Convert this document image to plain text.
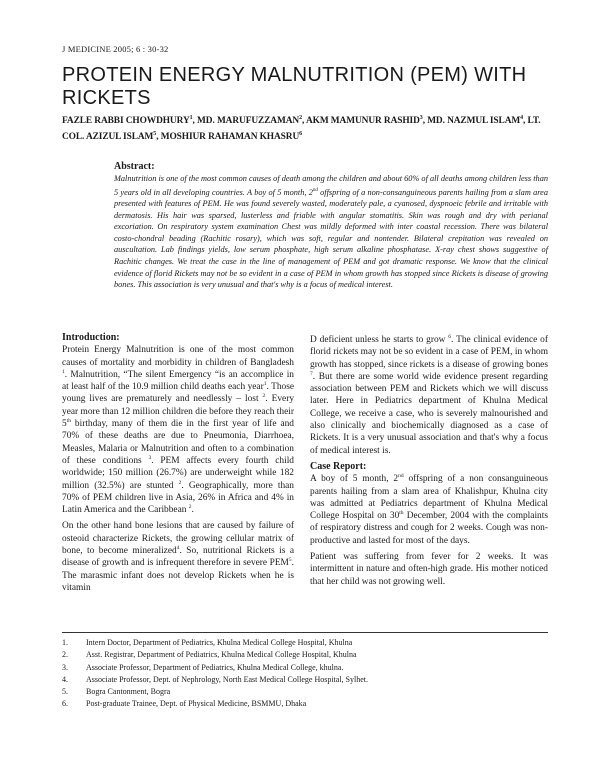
J MEDICINE 2005; 6 : 30-32
PROTEIN ENERGY MALNUTRITION (PEM) WITH RICKETS
FAZLE RABBI CHOWDHURY$^1$, MD. MARUFUZZAMAN$^2$, AKM MAMUNUR RASHID$^3$, MD. NAZMUL ISLAM$^4$, LT. COL. AZIZUL ISLAM$^5$, MOSHIUR RAHAMAN KHASRU$^6$
Abstract:

Malnutrition is one of the most common causes of death among the children and about 60% of all deaths among children less than 5 years old in all developing countries. A boy of 5 month, 2nd offspring of a non-consanguineous parents hailing from a slam area presented with features of PEM. He was found severely wasted, moderately pale, a cyanosed, dyspnoeic febrile and irritable with dermatosis. His hair was sparsed, lusterless and friable with angular stomatitis. Skin was rough and dry with perianal excoriation. On respiratory system examination Chest was mildly deformed with inter coastal recession. There was bilateral costo-chondral beading (Rachitic rosary), which was soft, regular and nontender. Bilateral crepitation was revealed on auscultation. Lab findings yields, low serum phosphate, high serum alkaline phosphatase. X-ray chest shows suggestive of Rachitic changes. We treat the case in the line of management of PEM and got dramatic response. We know that the clinical evidence of florid Rickets may not be so evident in a case of PEM in whom growth has stopped since Rickets is disease of growing bones. This association is very unusual and that's why is a focus of medical interest.

Introduction:

Protein Energy Malnutrition is one of the most common causes of mortality and morbidity in children of Bangladesh $^1$. Malnutrition, “The silent Emergency “is an accomplice in at least half of the 10.9 million child deaths each year$^1$. Those young lives are prematurely and needlessly – lost $^2$. Every year more than 12 million children die before they reach their 5th birthday, many of them die in the first year of life and 70% of these deaths are due to Pneumonia, Diarrhoea, Measles, Malaria or Malnutrition and often to a combination of these conditions $^3$. PEM affects every fourth child worldwide; 150 million (26.7%) are underweight while 182 million (32.5%) are stunted $^2$. Geographically, more than 70% of PEM children live in Asia, 26% in Africa and 4% in Latin America and the Caribbean $^2$.

On the other hand bone lesions that are caused by failure of osteoid characterize Rickets, the growing cellular matrix of bone, to become mineralized$^4$. So, nutritional Rickets is a disease of growth and is infrequent therefore in severe PEM$^5$. The marasmic infant does not develop Rickets when he is vitamin

D deficient unless he starts to grow $^6$. The clinical evidence of florid rickets may not be so evident in a case of PEM, in whom growth has stopped, since rickets is a disease of growing bones $^7$. But there are some world wide evidence present regarding association between PEM and Rickets which we will discuss later. Here in Pediatrics department of Khulna Medical College, we receive a case, who is severely malnourished and also clinically and biochemically diagnosed as a case of Rickets. It is a very unusual association and that's why a focus of medical interest is.

Case Report:

A boy of 5 month, 2nd offspring of a non consanguineous parents hailing from a slam area of Khalishpur, Khulna city was admitted at Pediatrics department of Khulna Medical College Hospital on 30th December, 2004 with the complaints of respiratory distress and cough for 2 weeks. Cough was non-productive and lasted for most of the days.

Patient was suffering from fever for 2 weeks. It was intermittent in nature and often-high grade. His mother noticed that her child was not growing well.

1. Intern Doctor, Department of Pediatrics, Khulna Medical College Hospital, Khulna
2. Asst. Registrar, Department of Pediatrics, Khulna Medical College Hospital, Khulna
3. Associate Professor, Department of Pediatrics, Khulna Medical College, khulna.
4. Associate Professor, Dept. of Nephrology, North East Medical College Hospital, Sylhet.
5. Bogra Cantonment, Bogra
6. Post-graduate Trainee, Dept. of Physical Medicine, BSMMU, Dhaka
